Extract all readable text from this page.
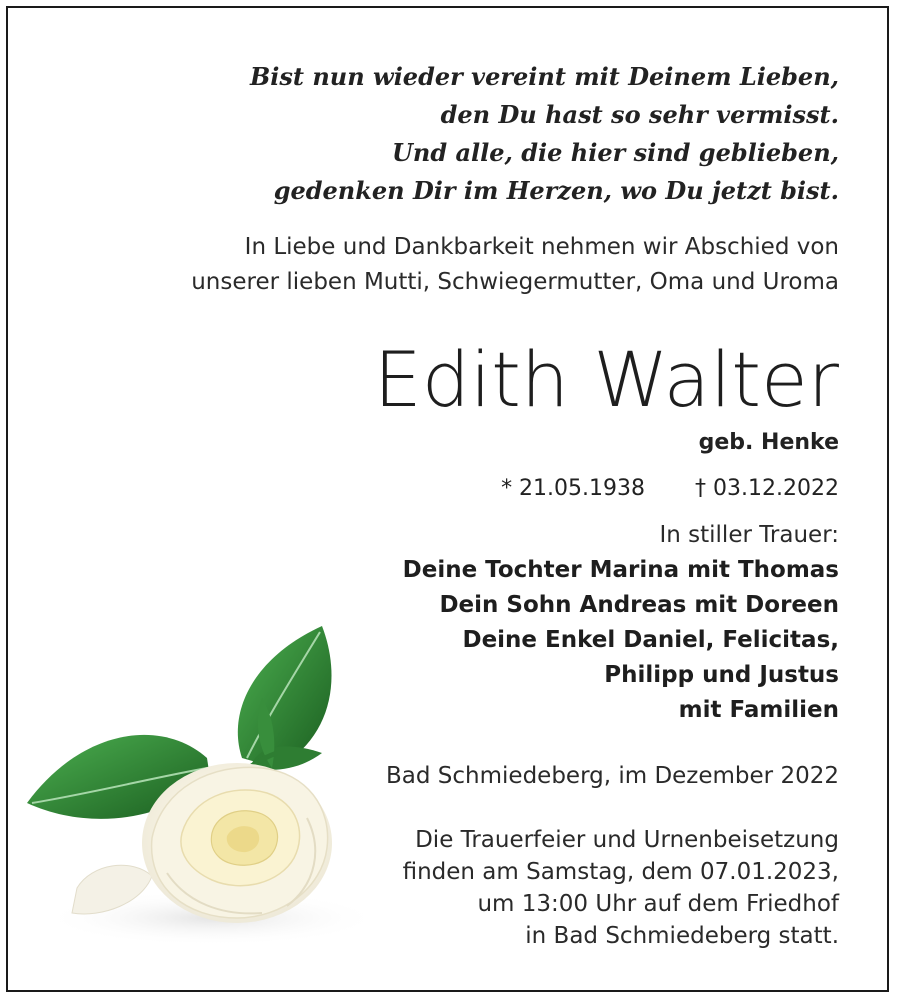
Bist nun wieder vereint mit Deinem Lieben,
den Du hast so sehr vermisst.
Und alle, die hier sind geblieben,
gedenken Dir im Herzen, wo Du jetzt bist.
In Liebe und Dankbarkeit nehmen wir Abschied von
unserer lieben Mutti, Schwiegermutter, Oma und Uroma
Edith Walter
geb. Henke
* 21.05.1938 † 03.12.2022
In stiller Trauer:
Deine Tochter Marina mit Thomas
Dein Sohn Andreas mit Doreen
Deine Enkel Daniel, Felicitas,
Philipp und Justus
mit Familien
Bad Schmiedeberg, im Dezember 2022
Die Trauerfeier und Urnenbeisetzung
finden am Samstag, dem 07.01.2023,
um 13:00 Uhr auf dem Friedhof
in Bad Schmiedeberg statt.
